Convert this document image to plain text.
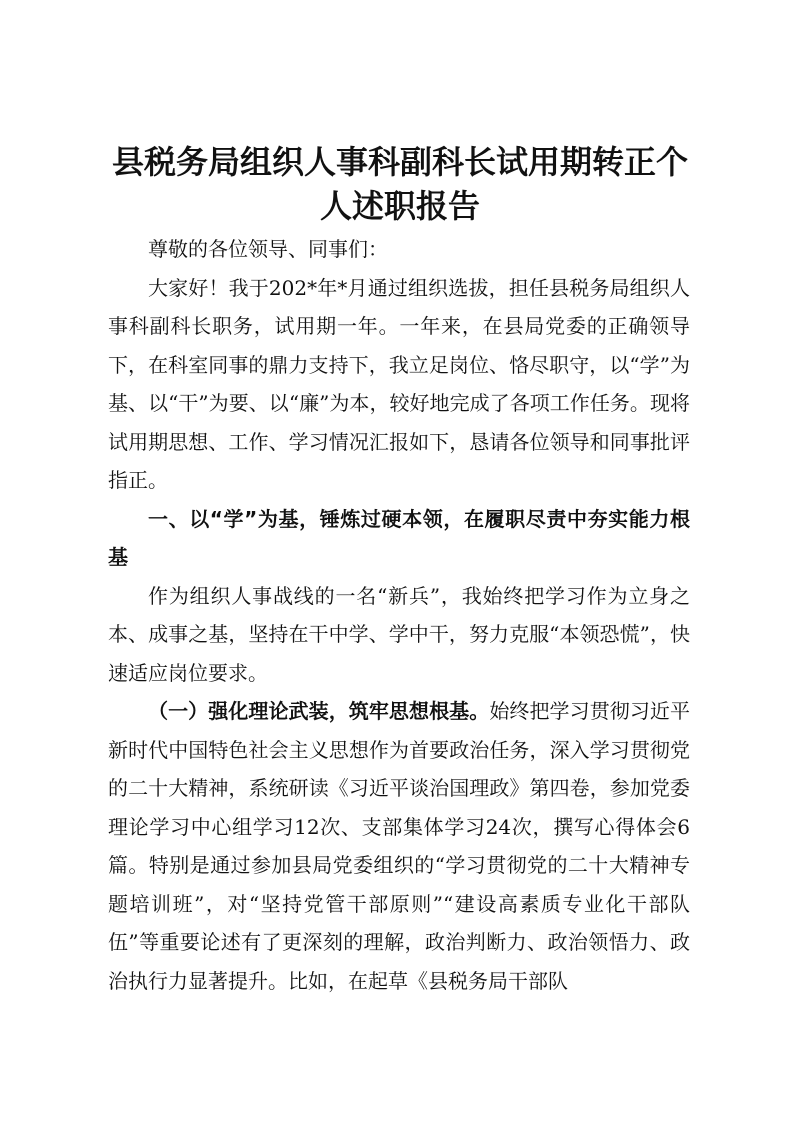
县税务局组织人事科副科长试用期转正个人述职报告

尊敬的各位领导、同事们：

大家好！我于202*年*月通过组织选拔，担任县税务局组织人事科副科长职务，试用期一年。一年来，在县局党委的正确领导下，在科室同事的鼎力支持下，我立足岗位、恪尽职守，以“学”为基、以“干”为要、以“廉”为本，较好地完成了各项工作任务。现将试用期思想、工作、学习情况汇报如下，恳请各位领导和同事批评指正。

一、以“学”为基，锤炼过硬本领，在履职尽责中夯实能力根基

作为组织人事战线的一名“新兵”，我始终把学习作为立身之本、成事之基，坚持在干中学、学中干，努力克服“本领恐慌”，快速适应岗位要求。

（一）强化理论武装，筑牢思想根基。始终把学习贯彻习近平新时代中国特色社会主义思想作为首要政治任务，深入学习贯彻党的二十大精神，系统研读《习近平谈治国理政》第四卷，参加党委理论学习中心组学习12次、支部集体学习24次，撰写心得体会6篇。特别是通过参加县局党委组织的“学习贯彻党的二十大精神专题培训班”，对“坚持党管干部原则”“建设高素质专业化干部队伍”等重要论述有了更深刻的理解，政治判断力、政治领悟力、政治执行力显著提升。比如，在起草《县税务局干部队
